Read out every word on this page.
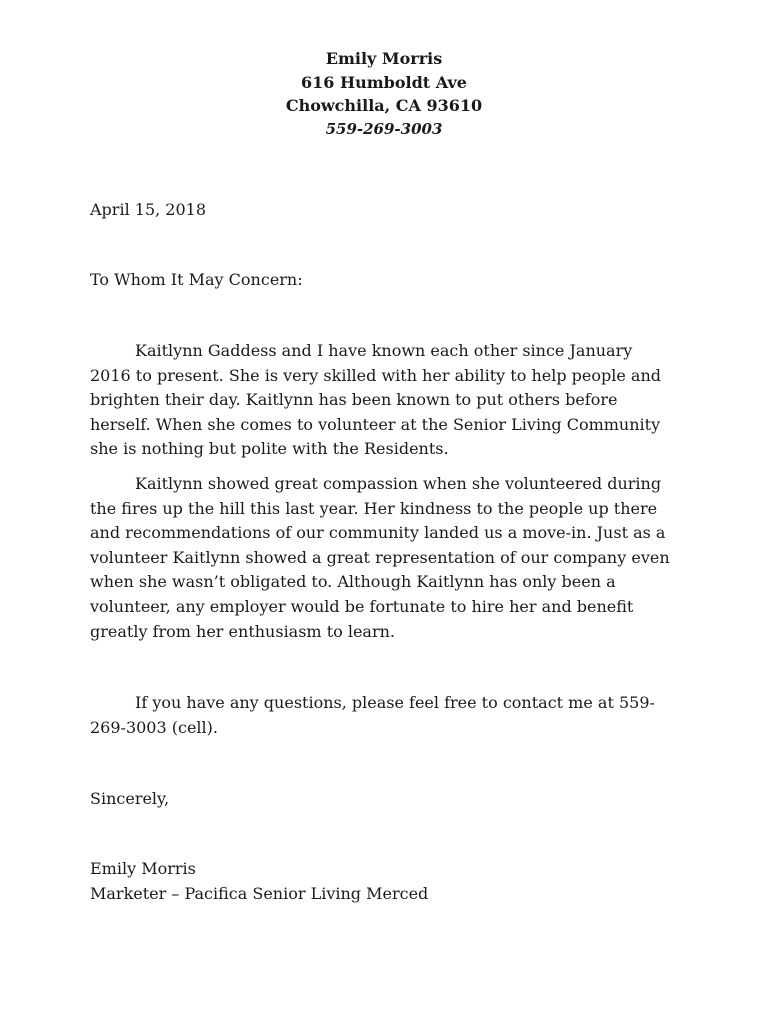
Emily Morris
616 Humboldt Ave
Chowchilla, CA 93610
559-269-3003
April 15, 2018
To Whom It May Concern:

Kaitlynn Gaddess and I have known each other since January 2016 to present. She is very skilled with her ability to help people and brighten their day. Kaitlynn has been known to put others before herself. When she comes to volunteer at the Senior Living Community she is nothing but polite with the Residents.

Kaitlynn showed great compassion when she volunteered during the fires up the hill this last year. Her kindness to the people up there and recommendations of our community landed us a move-in. Just as a volunteer Kaitlynn showed a great representation of our company even when she wasn’t obligated to. Although Kaitlynn has only been a volunteer, any employer would be fortunate to hire her and benefit greatly from her enthusiasm to learn.

If you have any questions, please feel free to contact me at 559-269-3003 (cell).

Sincerely,
Emily Morris
Marketer – Pacifica Senior Living Merced
